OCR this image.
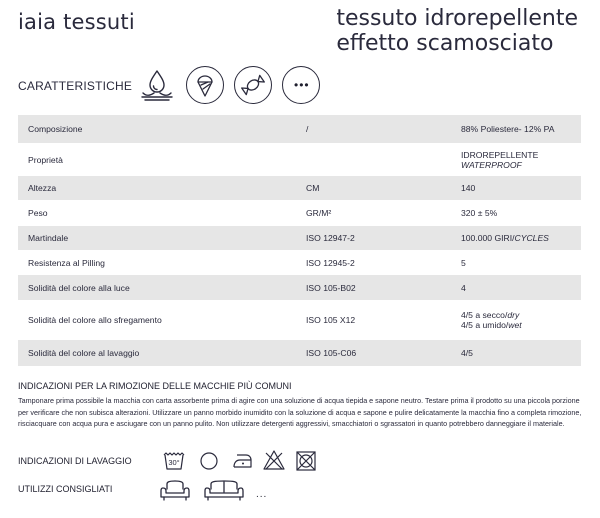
iaia tessuti	tessuto idrorepellente
effetto scamosciato
CARATTERISTICHE	•••
Composizione	/	88% Poliestere- 12% PA

Proprietà		IDROREPELLENTE
WATERPROOF

Altezza	CM	140

Peso	GR/M²	320 ± 5%

Martindale	ISO 12947-2	100.000 GIRI/CYCLES

Resistenza al Pilling	ISO 12945-2	5

Solidità del colore alla luce	ISO 105-B02	4

Solidità del colore allo sfregamento	ISO 105 X12	4/5 a secco/dry
4/5 a umido/wet

Solidità del colore al lavaggio	ISO 105-C06	4/5
INDICAZIONI PER LA RIMOZIONE DELLE MACCHIE PIÙ COMUNI
Tamponare prima possibile la macchia con carta assorbente prima di agire con una soluzione di acqua tiepida e sapone neutro. Testare prima il prodotto su una piccola porzione per verificare che non subisca alterazioni. Utilizzare un panno morbido inumidito con la soluzione di acqua e sapone e pulire delicatamente la macchia fino a completa rimozione, risciacquare con acqua pura e asciugare con un panno pulito. Non utilizzare detergenti aggressivi, smacchiatori o sgrassatori in quanto potrebbero danneggiare il materiale.
INDICAZIONI DI LAVAGGIO	30°
UTILIZZI CONSIGLIATI	...
